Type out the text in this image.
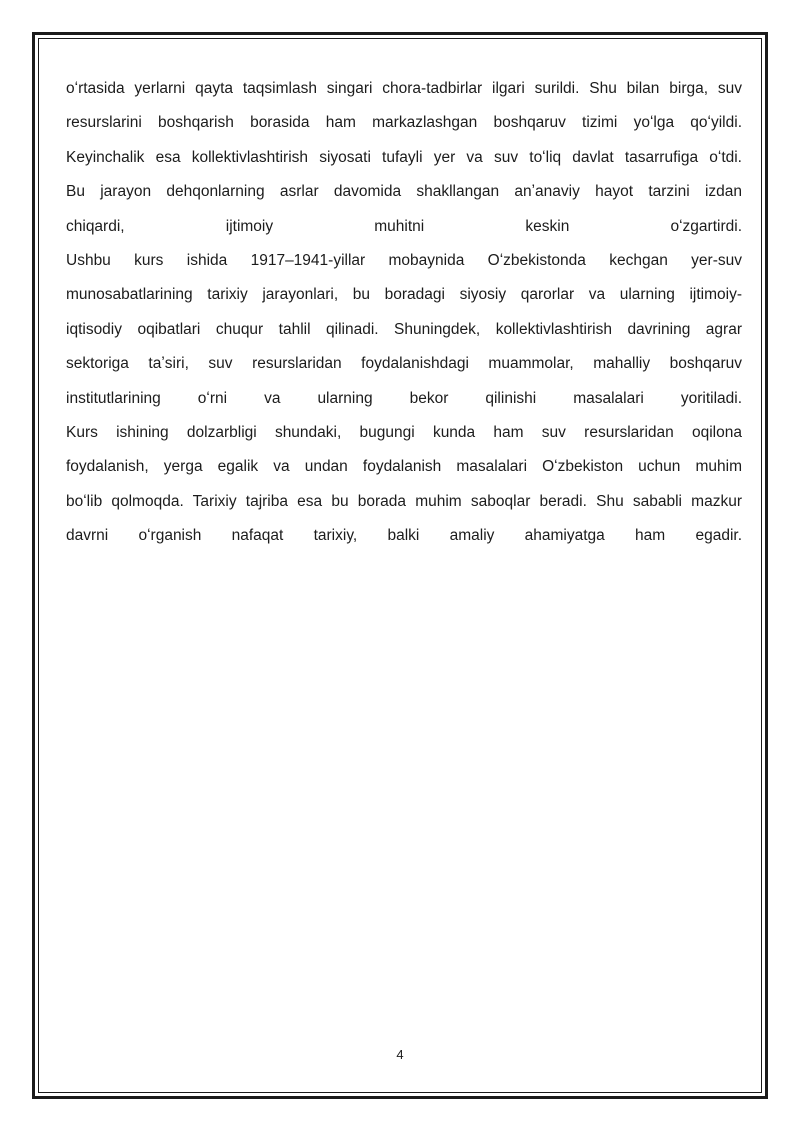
oʻrtasida yerlarni qayta taqsimlash singari chora-tadbirlar ilgari surildi. Shu bilan birga, suv
resurslarini boshqarish borasida ham markazlashgan boshqaruv tizimi yoʻlga qoʻyildi.
Keyinchalik esa kollektivlashtirish siyosati tufayli yer va suv toʻliq davlat tasarrufiga oʻtdi.
Bu jarayon dehqonlarning asrlar davomida shakllangan anʼanaviy hayot tarzini izdan
chiqardi, ijtimoiy muhitni keskin oʻzgartirdi.
Ushbu kurs ishida 1917–1941-yillar mobaynida Oʻzbekistonda kechgan yer-suv
munosabatlarining tarixiy jarayonlari, bu boradagi siyosiy qarorlar va ularning ijtimoiy-
iqtisodiy oqibatlari chuqur tahlil qilinadi. Shuningdek, kollektivlashtirish davrining agrar
sektoriga taʼsiri, suv resurslaridan foydalanishdagi muammolar, mahalliy boshqaruv
institutlarining oʻrni va ularning bekor qilinishi masalalari yoritiladi.
Kurs ishining dolzarbligi shundaki, bugungi kunda ham suv resurslaridan oqilona
foydalanish, yerga egalik va undan foydalanish masalalari Oʻzbekiston uchun muhim
boʻlib qolmoqda. Tarixiy tajriba esa bu borada muhim saboqlar beradi. Shu sababli mazkur
davrni oʻrganish nafaqat tarixiy, balki amaliy ahamiyatga ham egadir.
4
